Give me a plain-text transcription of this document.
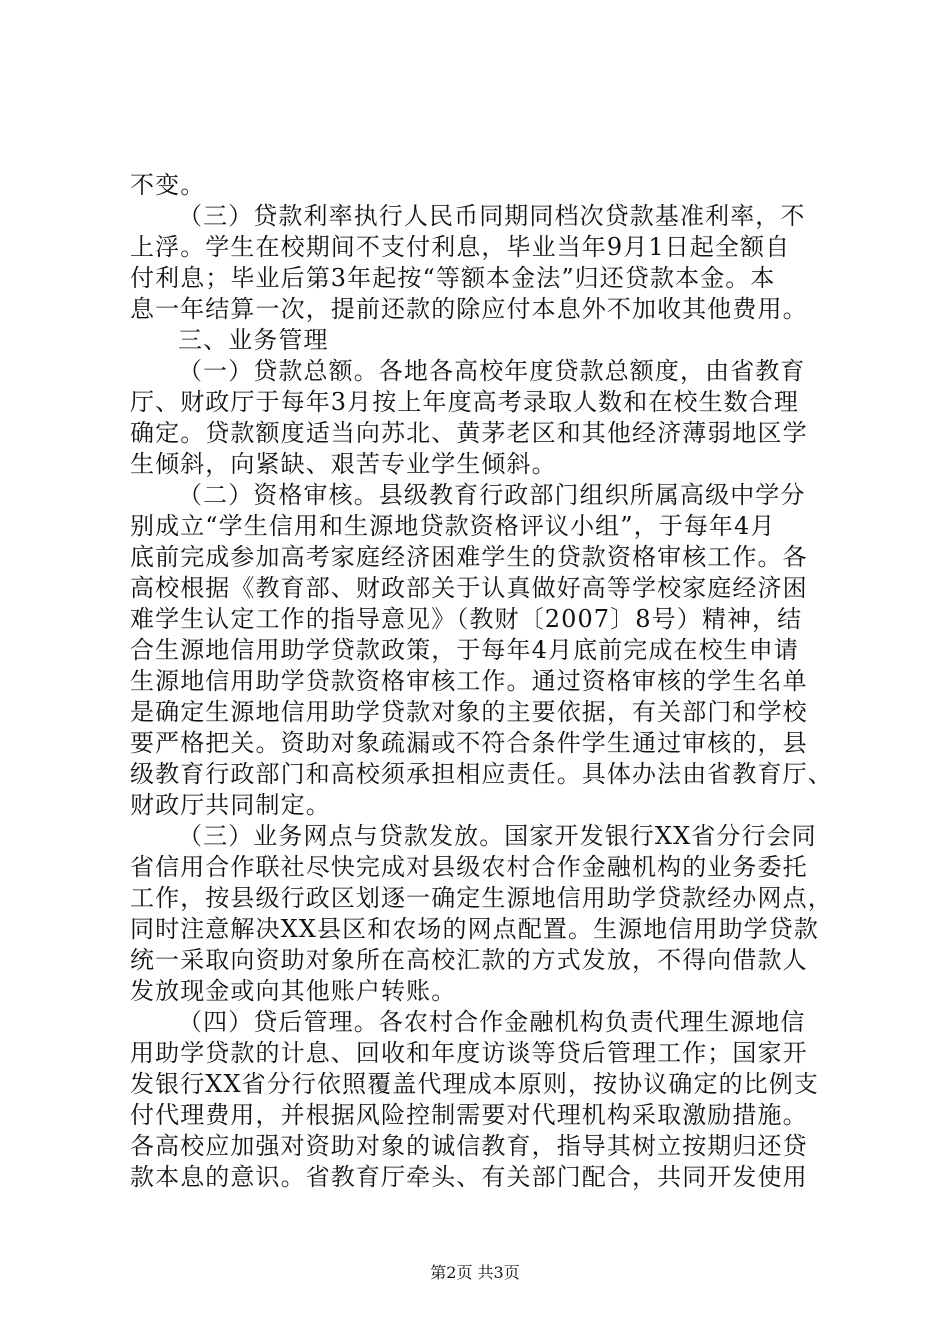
不变。
（三）贷款利率执行人民币同期同档次贷款基准利率，不
上浮。学生在校期间不支付利息，毕业当年9月1日起全额自
付利息；毕业后第3年起按“等额本金法”归还贷款本金。本
息一年结算一次，提前还款的除应付本息外不加收其他费用。
三、业务管理
（一）贷款总额。各地各高校年度贷款总额度，由省教育
厅、财政厅于每年3月按上年度高考录取人数和在校生数合理
确定。贷款额度适当向苏北、黄茅老区和其他经济薄弱地区学
生倾斜，向紧缺、艰苦专业学生倾斜。
（二）资格审核。县级教育行政部门组织所属高级中学分
别成立“学生信用和生源地贷款资格评议小组”，于每年4月
底前完成参加高考家庭经济困难学生的贷款资格审核工作。各
高校根据《教育部、财政部关于认真做好高等学校家庭经济困
难学生认定工作的指导意见》（教财〔2007〕8号）精神，结
合生源地信用助学贷款政策，于每年4月底前完成在校生申请
生源地信用助学贷款资格审核工作。通过资格审核的学生名单
是确定生源地信用助学贷款对象的主要依据，有关部门和学校
要严格把关。资助对象疏漏或不符合条件学生通过审核的，县
级教育行政部门和高校须承担相应责任。具体办法由省教育厅、
财政厅共同制定。
（三）业务网点与贷款发放。国家开发银行XX省分行会同
省信用合作联社尽快完成对县级农村合作金融机构的业务委托
工作，按县级行政区划逐一确定生源地信用助学贷款经办网点，
同时注意解决XX县区和农场的网点配置。生源地信用助学贷款
统一采取向资助对象所在高校汇款的方式发放，不得向借款人
发放现金或向其他账户转账。
（四）贷后管理。各农村合作金融机构负责代理生源地信
用助学贷款的计息、回收和年度访谈等贷后管理工作；国家开
发银行XX省分行依照覆盖代理成本原则，按协议确定的比例支
付代理费用，并根据风险控制需要对代理机构采取激励措施。
各高校应加强对资助对象的诚信教育，指导其树立按期归还贷
款本息的意识。省教育厅牵头、有关部门配合，共同开发使用
第2页 共3页
